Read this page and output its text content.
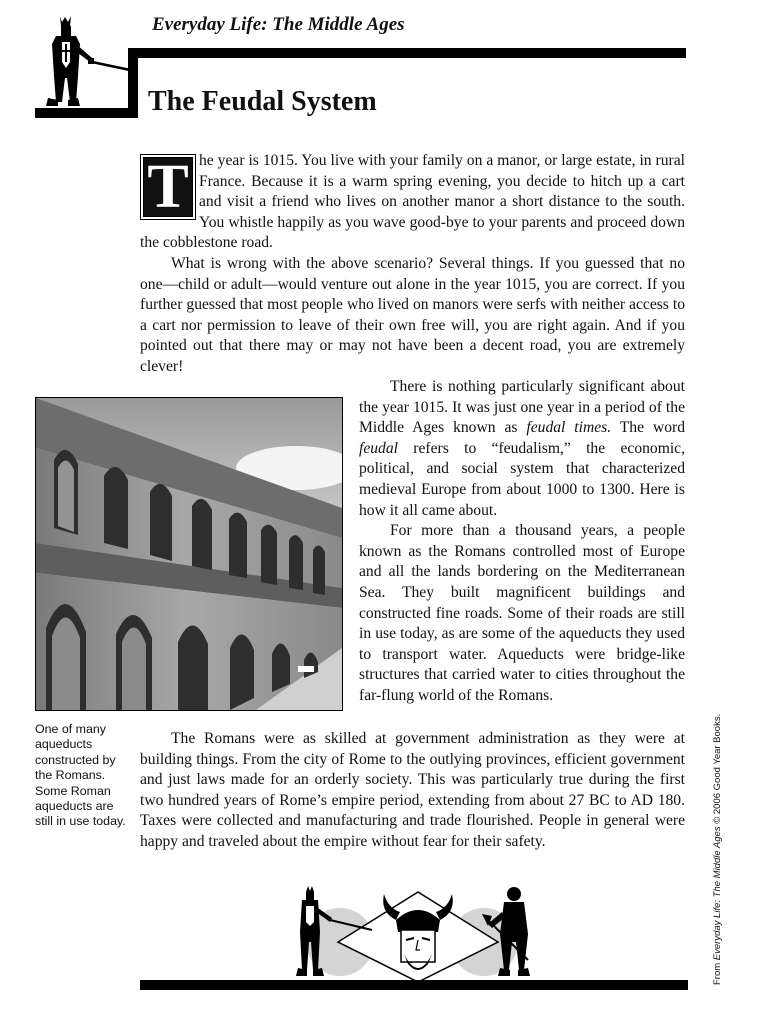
Everyday Life: The Middle Ages
The Feudal System

T he year is 1015. You live with your family on a manor, or large estate, in rural France. Because it is a warm spring evening, you decide to hitch up a cart and visit a friend who lives on another manor a short distance to the south. You whistle happily as you wave good-bye to your parents and proceed down the cobblestone road.

What is wrong with the above scenario? Several things. If you guessed that no one—child or adult—would venture out alone in the year 1015, you are correct. If you further guessed that most people who lived on manors were serfs with neither access to a cart nor permission to leave of their own free will, you are right again. And if you pointed out that there may or may not have been a decent road, you are extremely clever!

One of many aqueducts constructed by the Romans. Some Roman aqueducts are still in use today.

There is nothing particularly significant about the year 1015. It was just one year in a period of the Middle Ages known as feudal times. The word feudal refers to “feudalism,” the economic, political, and social system that characterized medieval Europe from about 1000 to 1300. Here is how it all came about.

For more than a thousand years, a people known as the Romans controlled most of Europe and all the lands bordering on the Mediterranean Sea. They built magnificent buildings and constructed fine roads. Some of their roads are still in use today, as are some of the aqueducts they used to transport water. Aqueducts were bridge-like structures that carried water to cities throughout the far-flung world of the Romans.

The Romans were as skilled at government administration as they were at building things. From the city of Rome to the outlying provinces, efficient government and just laws made for an orderly society. This was particularly true during the first two hundred years of Rome’s empire period, extending from about 27 BC to AD 180. Taxes were collected and manufacturing and trade flourished. People in general were happy and traveled about the empire without fear for their safety.

From Everyday Life: The Middle Ages © 2006 Good Year Books.
